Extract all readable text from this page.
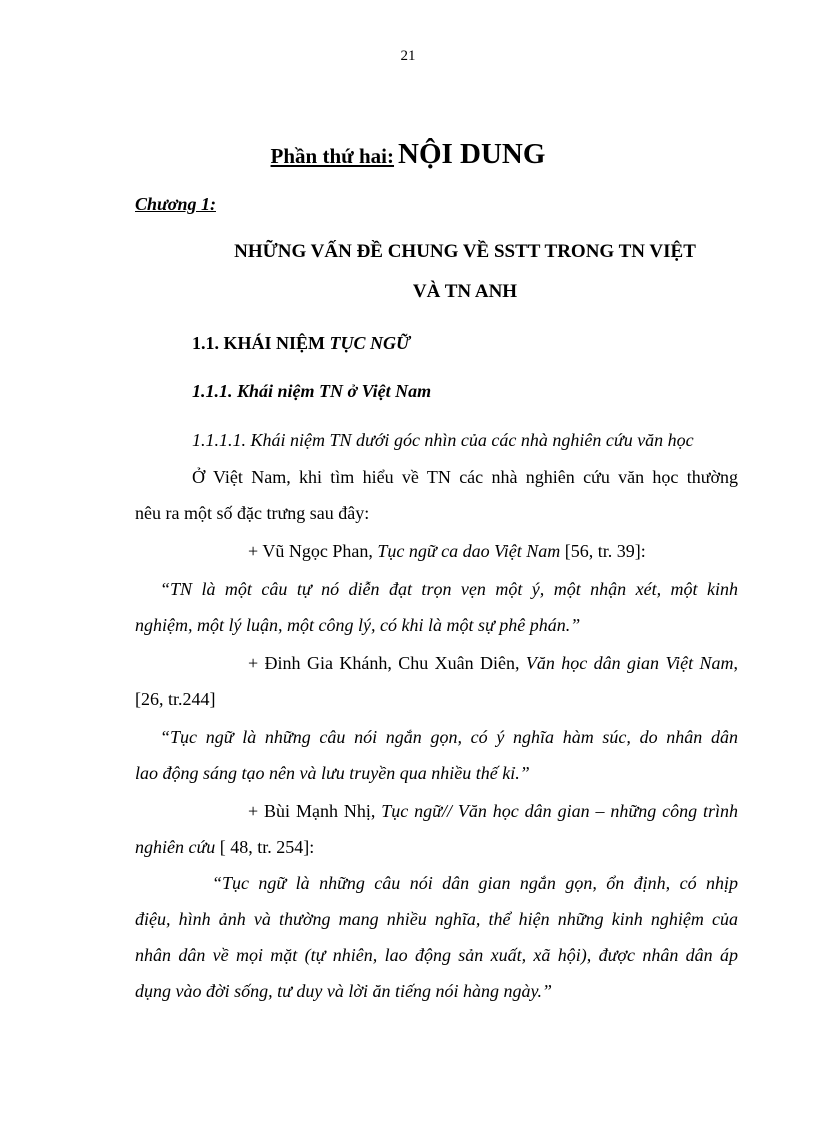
21
Phần thứ hai: NỘI DUNG
Chương 1:
NHỮNG VẤN ĐỀ CHUNG VỀ SSTT TRONG TN VIỆT
VÀ TN ANH
1.1. KHÁI NIỆM TỤC NGỮ
1.1.1. Khái niệm TN ở Việt Nam
1.1.1.1. Khái niệm TN dưới góc nhìn của các nhà nghiên cứu văn học
Ở Việt Nam, khi tìm hiểu về TN các nhà nghiên cứu văn học thường
nêu ra một số đặc trưng sau đây:
+ Vũ Ngọc Phan, Tục ngữ ca dao Việt Nam [56, tr. 39]:
“TN là một câu tự nó diễn đạt trọn vẹn một ý, một nhận xét, một kinh
nghiệm, một lý luận, một công lý, có khi là một sự phê phán.”
+ Đinh Gia Khánh, Chu Xuân Diên, Văn học dân gian Việt Nam,
[26, tr.244]
“Tục ngữ là những câu nói ngắn gọn, có ý nghĩa hàm súc, do nhân dân
lao động sáng tạo nên và lưu truyền qua nhiều thế kỉ.”
+ Bùi Mạnh Nhị, Tục ngữ// Văn học dân gian – những công trình
nghiên cứu [ 48, tr. 254]:
“Tục ngữ là những câu nói dân gian ngắn gọn, ổn định, có nhịp
điệu, hình ảnh và thường mang nhiều nghĩa, thể hiện những kinh nghiệm của
nhân dân về mọi mặt (tự nhiên, lao động sản xuất, xã hội), được nhân dân áp
dụng vào đời sống, tư duy và lời ăn tiếng nói hàng ngày.”
